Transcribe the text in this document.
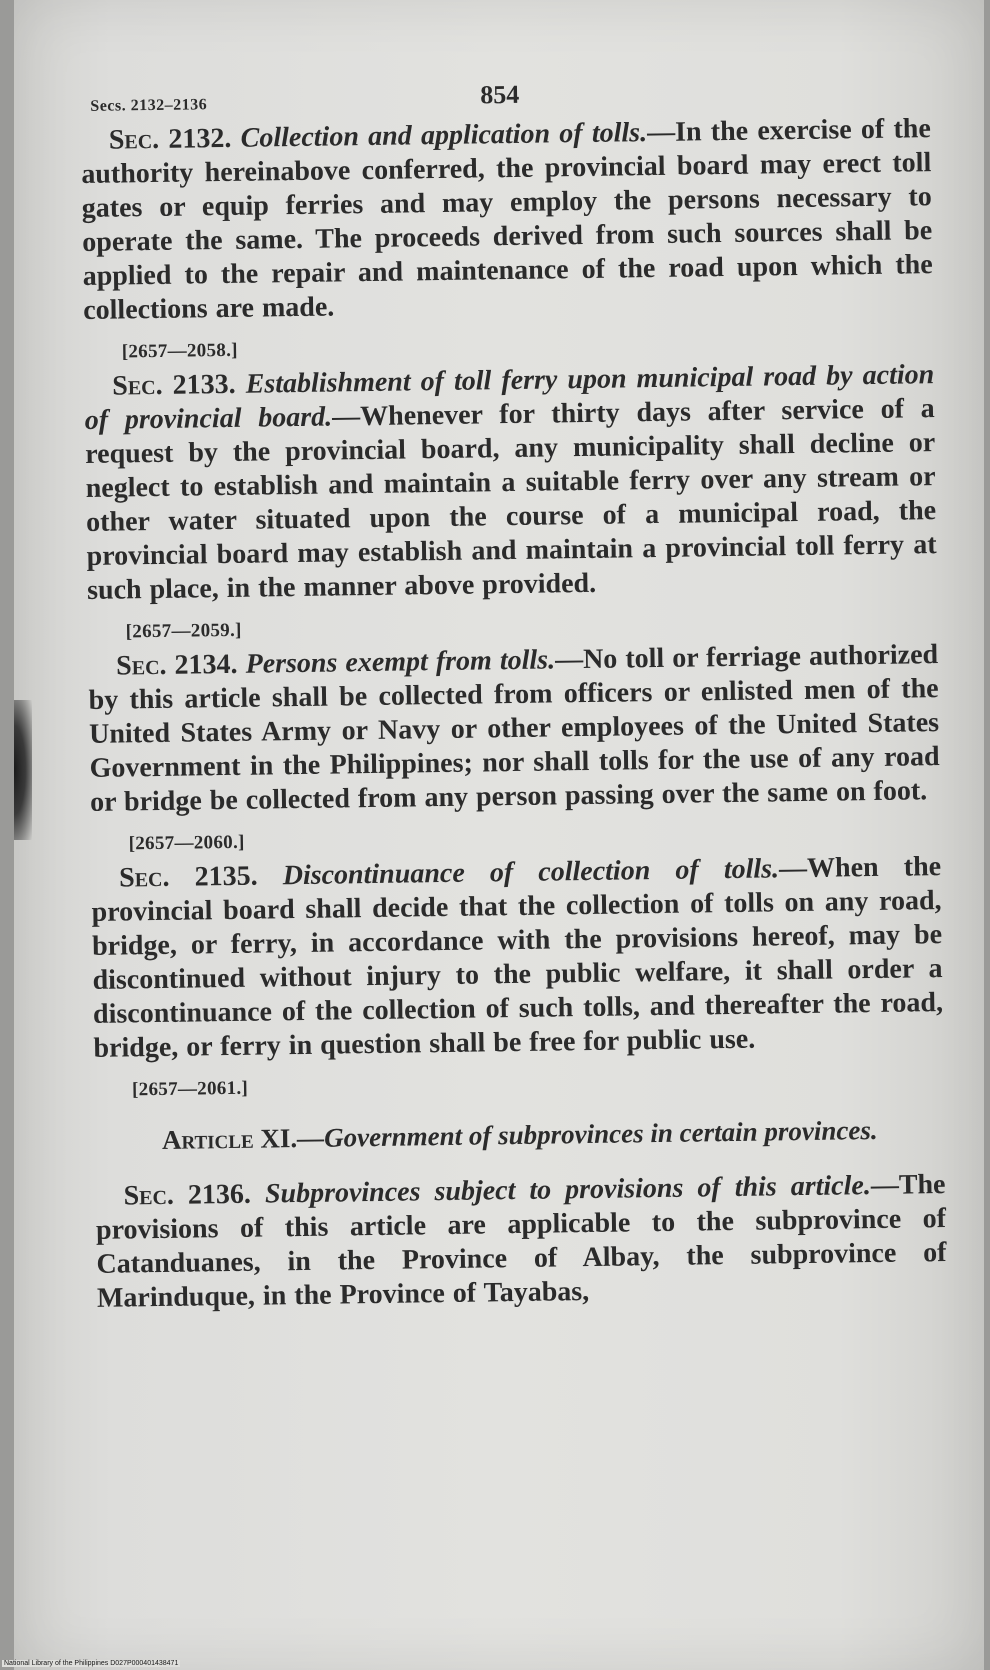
Secs. 2132–2136	854

Sec. 2132. Collection and application of tolls.—In the exercise of the authority hereinabove conferred, the provincial board may erect toll gates or equip ferries and may employ the persons necessary to operate the same. The proceeds derived from such sources shall be applied to the repair and maintenance of the road upon which the collections are made.

[2657—2058.]

Sec. 2133. Establishment of toll ferry upon municipal road by action of provincial board.—Whenever for thirty days after service of a request by the provincial board, any municipality shall decline or neglect to establish and maintain a suitable ferry over any stream or other water situated upon the course of a municipal road, the provincial board may establish and maintain a provincial toll ferry at such place, in the manner above provided.

[2657—2059.]

Sec. 2134. Persons exempt from tolls.—No toll or ferriage authorized by this article shall be collected from officers or enlisted men of the United States Army or Navy or other employees of the United States Government in the Philippines; nor shall tolls for the use of any road or bridge be collected from any person passing over the same on foot.

[2657—2060.]

Sec. 2135. Discontinuance of collection of tolls.—When the provincial board shall decide that the collection of tolls on any road, bridge, or ferry, in accordance with the provisions hereof, may be discontinued without injury to the public welfare, it shall order a discontinuance of the collection of such tolls, and thereafter the road, bridge, or ferry in question shall be free for public use.

[2657—2061.]
Article XI.—Government of subprovinces in certain provinces.

Sec. 2136. Subprovinces subject to provisions of this article.—The provisions of this article are applicable to the subprovince of Catanduanes, in the Province of Albay, the subprovince of Marinduque, in the Province of Tayabas,

National Library of the Philippines D027P000401438471
